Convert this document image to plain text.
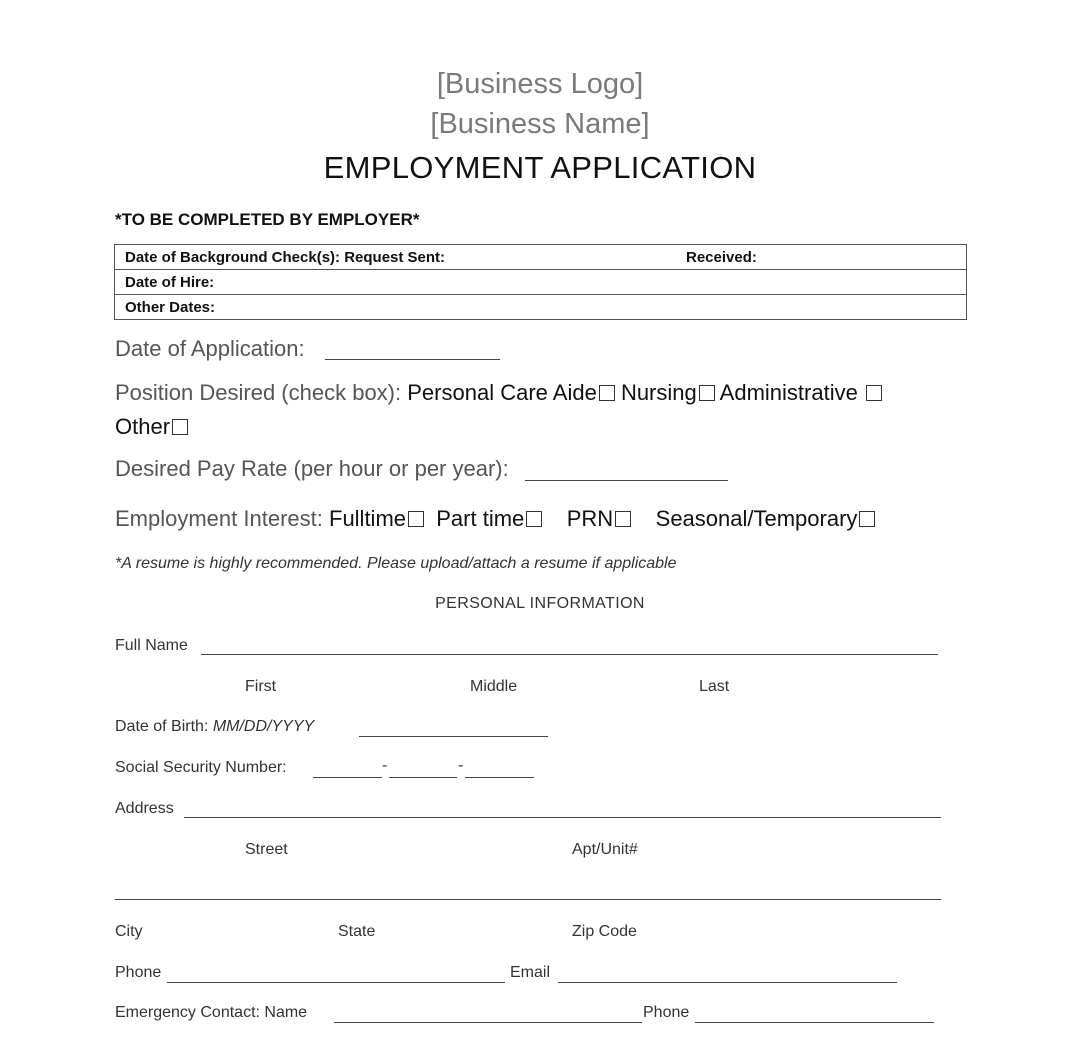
[Business Logo]
[Business Name]
EMPLOYMENT APPLICATION
*TO BE COMPLETED BY EMPLOYER*
Date of Background Check(s): Request Sent:	Received:
Date of Hire:
Other Dates:
Date of Application:
Position Desired (check box): Personal Care Aide Nursing Administrative
Other
Desired Pay Rate (per hour or per year):
Employment Interest: Fulltime Part time PRN Seasonal/Temporary
*A resume is highly recommended. Please upload/attach a resume if applicable
PERSONAL INFORMATION
Full Name
First	Middle	Last
Date of Birth: MM/DD/YYYY
Social Security Number:	-	-
Address
Street	Apt/Unit#
City	State	Zip Code
Phone	Email
Emergency Contact: Name	Phone
